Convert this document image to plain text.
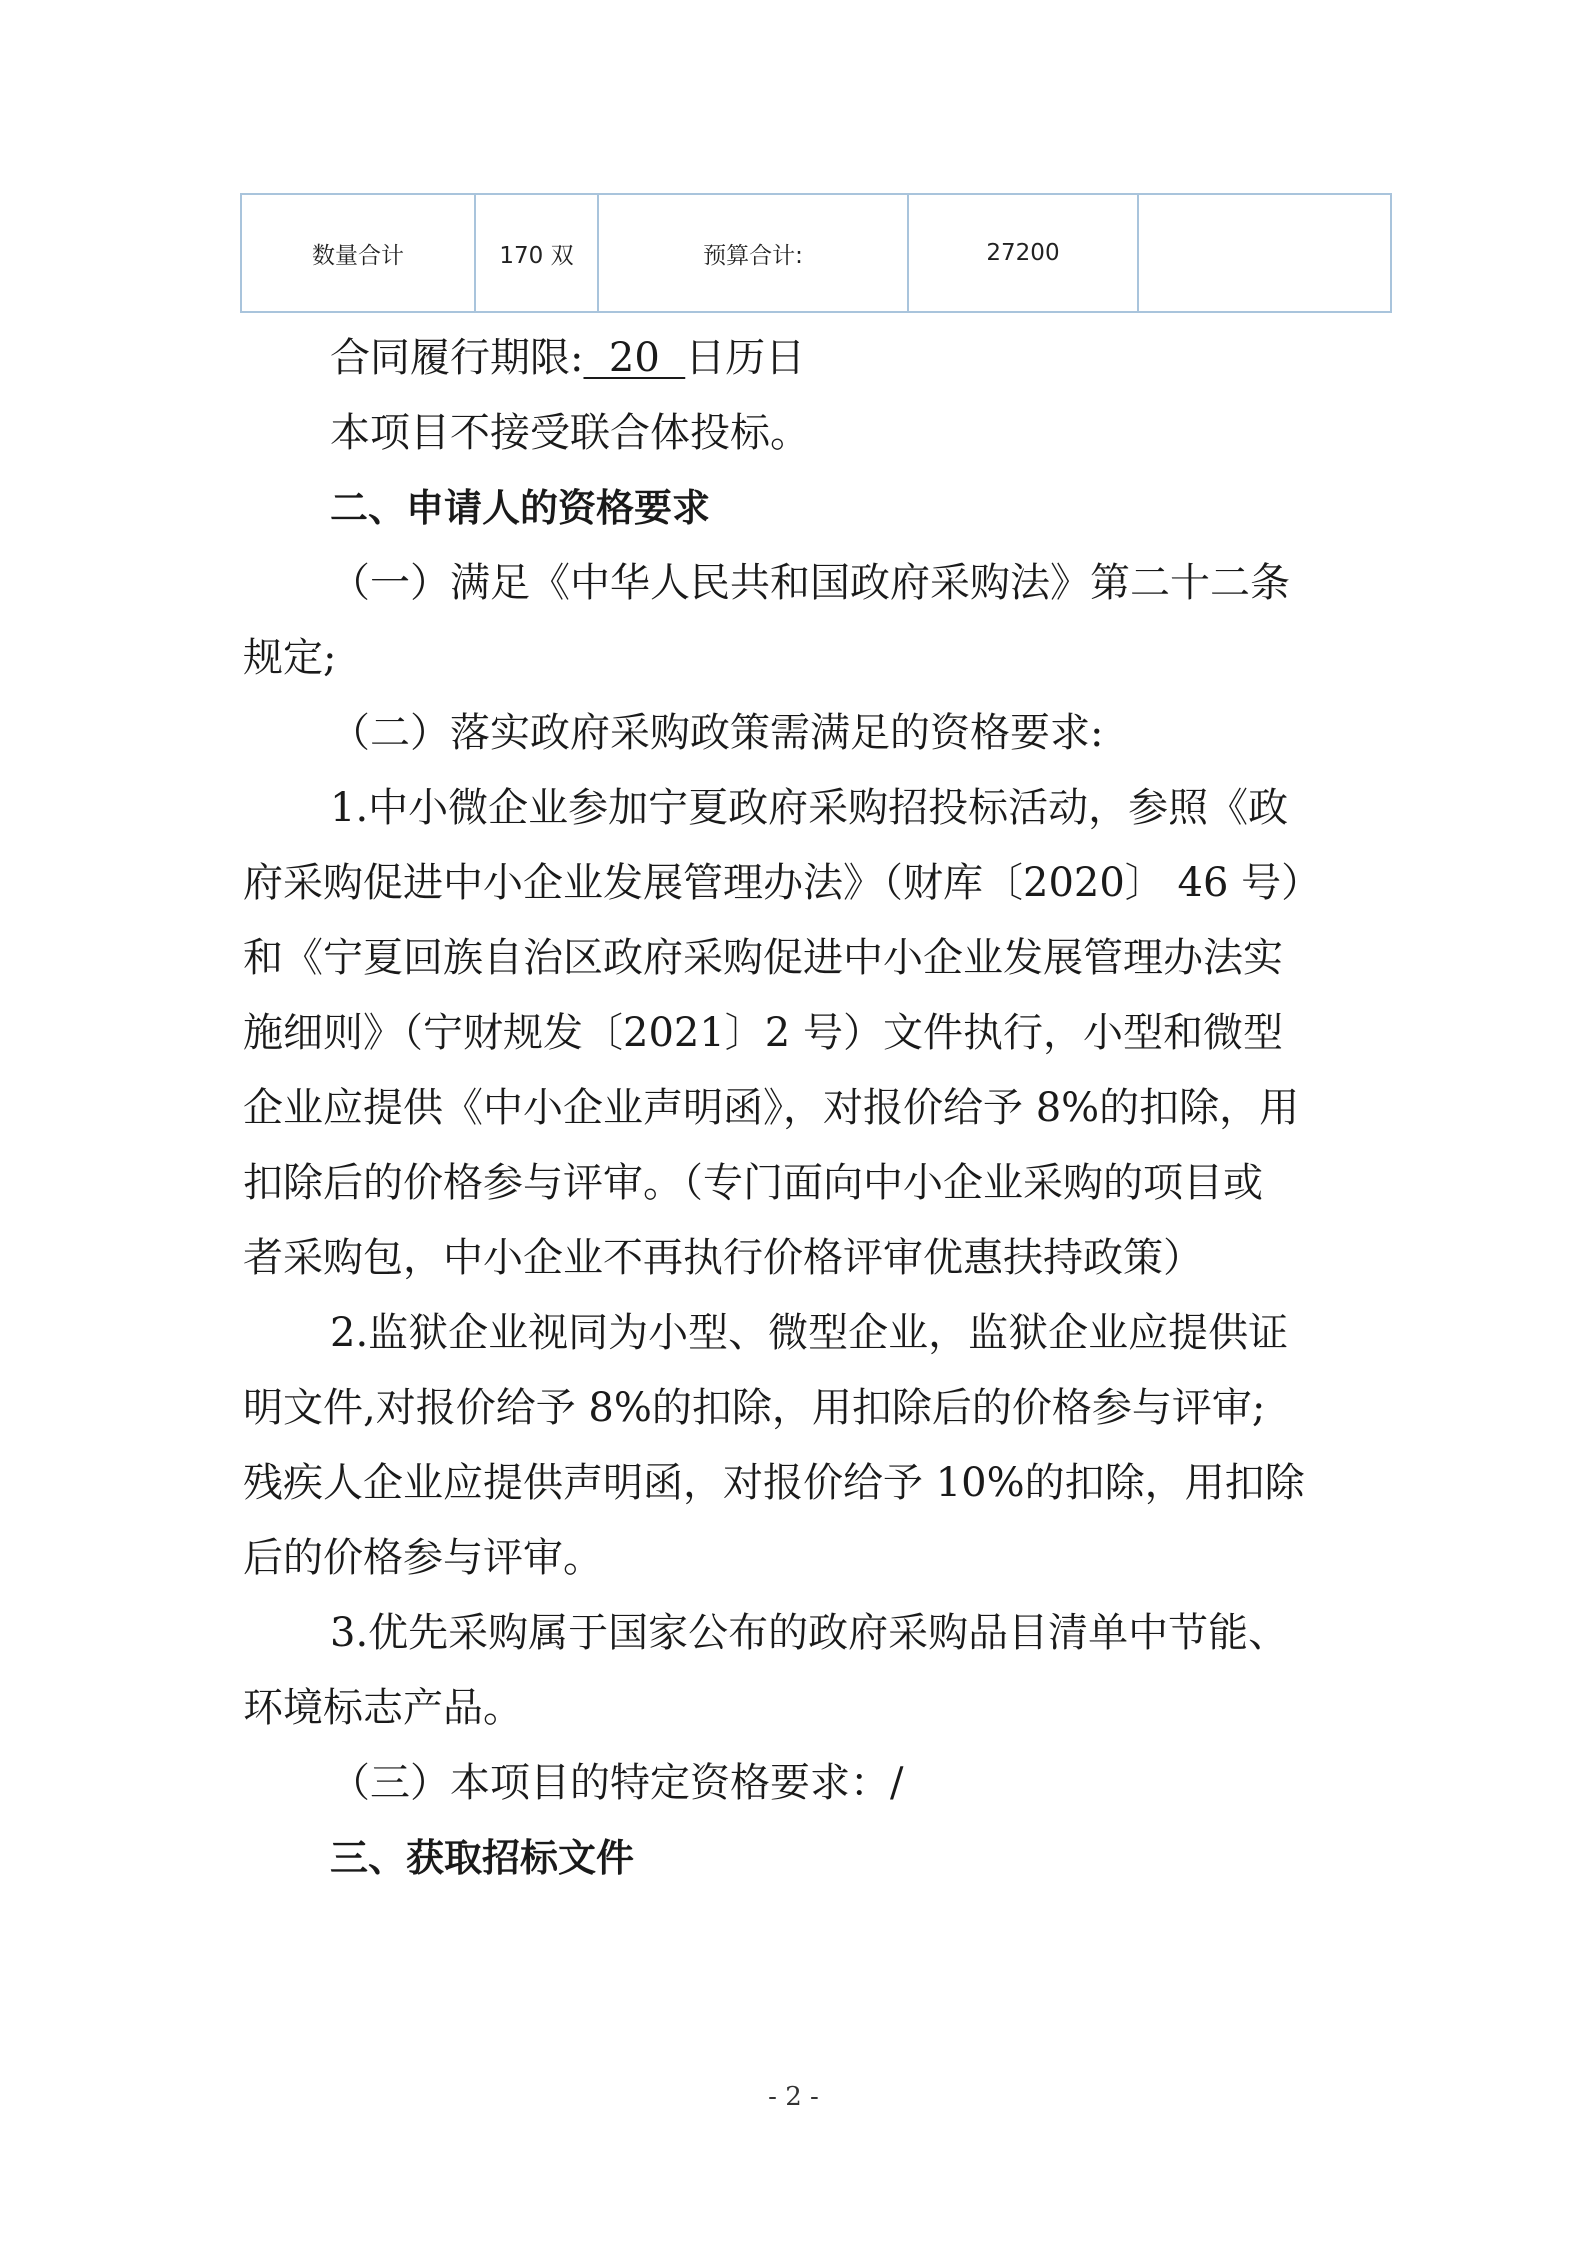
数量合计	170 双	预算合计:	27200	
合同履行期限:  20  日历日
本项目不接受联合体投标。
二、申请人的资格要求
（一）满足《中华人民共和国政府采购法》第二十二条
规定;
（二）落实政府采购政策需满足的资格要求:
1.中小微企业参加宁夏政府采购招投标活动，参照《政
府采购促进中小企业发展管理办法》（财库〔2020〕 46 号）
和《宁夏回族自治区政府采购促进中小企业发展管理办法实
施细则》（宁财规发〔2021〕2 号）文件执行，小型和微型
企业应提供《中小企业声明函》，对报价给予 8%的扣除，用
扣除后的价格参与评审。（专门面向中小企业采购的项目或
者采购包，中小企业不再执行价格评审优惠扶持政策）
2.监狱企业视同为小型、微型企业，监狱企业应提供证
明文件,对报价给予 8%的扣除，用扣除后的价格参与评审;
残疾人企业应提供声明函，对报价给予 10%的扣除，用扣除
后的价格参与评审。
3.优先采购属于国家公布的政府采购品目清单中节能、
环境标志产品。
（三）本项目的特定资格要求：/
三、获取招标文件
- 2 -
